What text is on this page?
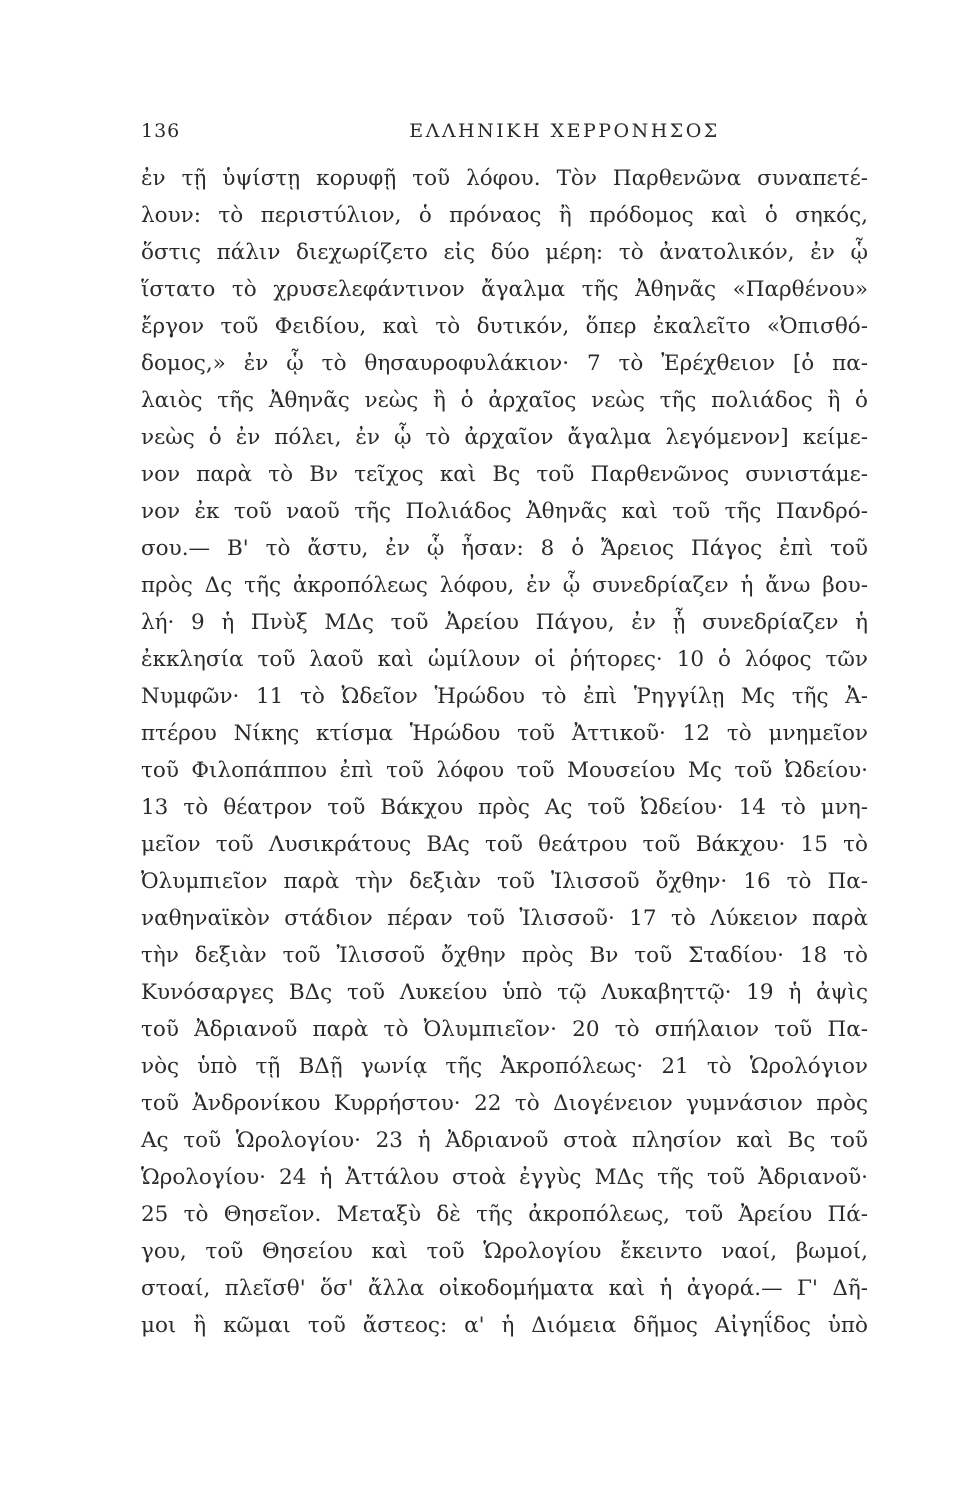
136	ΕΛΛΗΝΙΚΗ ΧΕΡΡΟΝΗΣΟΣ
ἐν τῇ ὑψίστῃ κορυφῇ τοῦ λόφου. Τὸν Παρθενῶνα συναπετέ-
λουν: τὸ περιστύλιον, ὁ πρόναος ἢ πρόδομος καὶ ὁ σηκός,
ὅστις πάλιν διεχωρίζετο εἰς δύο μέρη: τὸ ἀνατολικόν, ἐν ᾧ
ἵστατο τὸ χρυσελεφάντινον ἄγαλμα τῆς Ἀθηνᾶς «Παρθένου»
ἔργον τοῦ Φειδίου, καὶ τὸ δυτικόν, ὅπερ ἐκαλεῖτο «Ὀπισθό-
δομος,» ἐν ᾧ τὸ θησαυροφυλάκιον· 7 τὸ Ἐρέχθειον [ὁ πα-
λαιὸς τῆς Ἀθηνᾶς νεὼς ἢ ὁ ἀρχαῖος νεὼς τῆς πολιάδος ἢ ὁ
νεὼς ὁ ἐν πόλει, ἐν ᾧ τὸ ἀρχαῖον ἄγαλμα λεγόμενον] κείμε-
νον παρὰ τὸ Βν τεῖχος καὶ Βς τοῦ Παρθενῶνος συνιστάμε-
νον ἐκ τοῦ ναοῦ τῆς Πολιάδος Ἀθηνᾶς καὶ τοῦ τῆς Πανδρό-
σου.— Β' τὸ ἄστυ, ἐν ᾧ ἦσαν: 8 ὁ Ἄρειος Πάγος ἐπὶ τοῦ
πρὸς Δς τῆς ἀκροπόλεως λόφου, ἐν ᾧ συνεδρίαζεν ἡ ἄνω βου-
λή· 9 ἡ Πνὺξ ΜΔς τοῦ Ἀρείου Πάγου, ἐν ᾗ συνεδρίαζεν ἡ
ἐκκλησία τοῦ λαοῦ καὶ ὡμίλουν οἱ ῥήτορες· 10 ὁ λόφος τῶν
Νυμφῶν· 11 τὸ Ὠδεῖον Ἡρώδου τὸ ἐπὶ Ῥηγγίλῃ Μς τῆς Ἀ-
πτέρου Νίκης κτίσμα Ἡρώδου τοῦ Ἀττικοῦ· 12 τὸ μνημεῖον
τοῦ Φιλοπάππου ἐπὶ τοῦ λόφου τοῦ Μουσείου Μς τοῦ Ὠδείου·
13 τὸ θέατρον τοῦ Βάκχου πρὸς Ας τοῦ Ὠδείου· 14 τὸ μνη-
μεῖον τοῦ Λυσικράτους ΒΑς τοῦ θεάτρου τοῦ Βάκχου· 15 τὸ
Ὀλυμπιεῖον παρὰ τὴν δεξιὰν τοῦ Ἰλισσοῦ ὄχθην· 16 τὸ Πα-
ναθηναϊκὸν στάδιον πέραν τοῦ Ἰλισσοῦ· 17 τὸ Λύκειον παρὰ
τὴν δεξιὰν τοῦ Ἰλισσοῦ ὄχθην πρὸς Βν τοῦ Σταδίου· 18 τὸ
Κυνόσαργες ΒΔς τοῦ Λυκείου ὑπὸ τῷ Λυκαβηττῷ· 19 ἡ ἀψὶς
τοῦ Ἀδριανοῦ παρὰ τὸ Ὀλυμπιεῖον· 20 τὸ σπήλαιον τοῦ Πα-
νὸς ὑπὸ τῇ ΒΔῇ γωνίᾳ τῆς Ἀκροπόλεως· 21 τὸ Ὡρολόγιον
τοῦ Ἀνδρονίκου Κυρρήστου· 22 τὸ Διογένειον γυμνάσιον πρὸς
Ας τοῦ Ὡρολογίου· 23 ἡ Ἀδριανοῦ στοὰ πλησίον καὶ Βς τοῦ
Ὡρολογίου· 24 ἡ Ἀττάλου στοὰ ἐγγὺς ΜΔς τῆς τοῦ Ἀδριανοῦ·
25 τὸ Θησεῖον. Μεταξὺ δὲ τῆς ἀκροπόλεως, τοῦ Ἀρείου Πά-
γου, τοῦ Θησείου καὶ τοῦ Ὡρολογίου ἔκειντο ναοί, βωμοί,
στοαί, πλεῖσθ' ὅσ' ἄλλα οἰκοδομήματα καὶ ἡ ἀγορά.— Γ' Δῆ-
μοι ἢ κῶμαι τοῦ ἄστεος: α' ἡ Διόμεια δῆμος Αἰγηΐδος ὑπὸ
